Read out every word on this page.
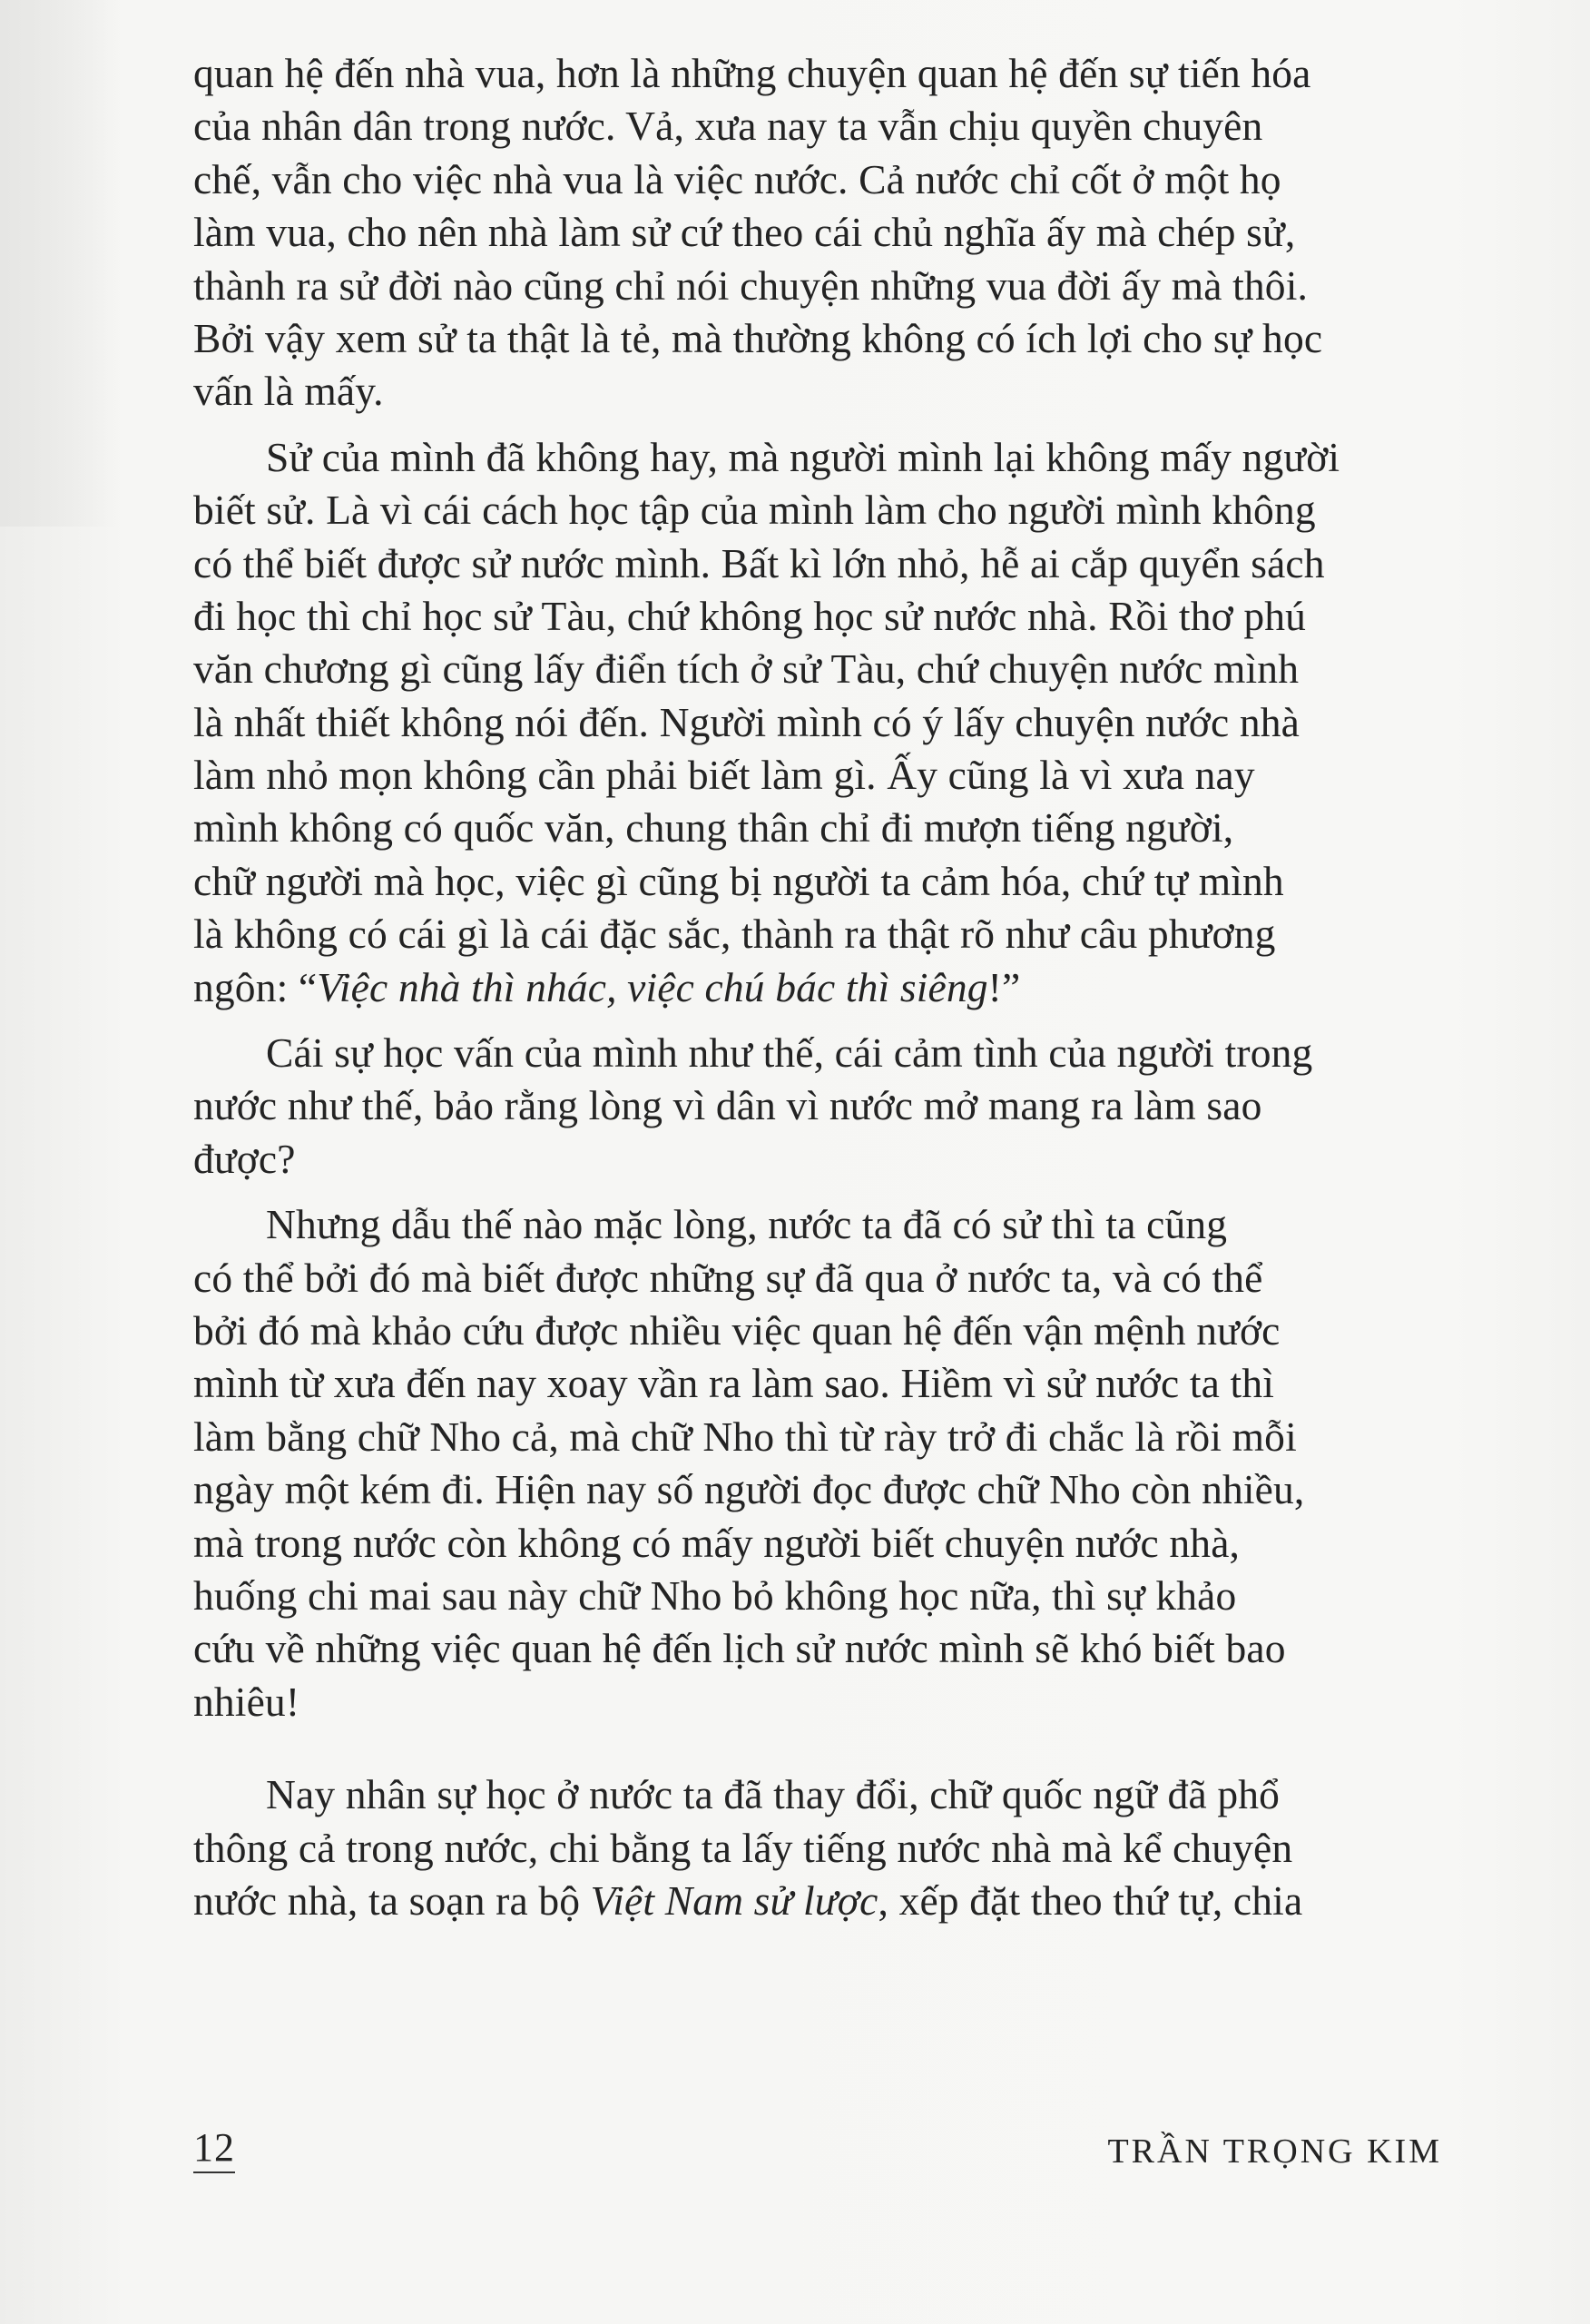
quan hệ đến nhà vua, hơn là những chuyện quan hệ đến sự tiến hóa
của nhân dân trong nước. Vả, xưa nay ta vẫn chịu quyền chuyên
chế, vẫn cho việc nhà vua là việc nước. Cả nước chỉ cốt ở một họ
làm vua, cho nên nhà làm sử cứ theo cái chủ nghĩa ấy mà chép sử,
thành ra sử đời nào cũng chỉ nói chuyện những vua đời ấy mà thôi.
Bởi vậy xem sử ta thật là tẻ, mà thường không có ích lợi cho sự học
vấn là mấy.
Sử của mình đã không hay, mà người mình lại không mấy người
biết sử. Là vì cái cách học tập của mình làm cho người mình không
có thể biết được sử nước mình. Bất kì lớn nhỏ, hễ ai cắp quyển sách
đi học thì chỉ học sử Tàu, chứ không học sử nước nhà. Rồi thơ phú
văn chương gì cũng lấy điển tích ở sử Tàu, chứ chuyện nước mình
là nhất thiết không nói đến. Người mình có ý lấy chuyện nước nhà
làm nhỏ mọn không cần phải biết làm gì. Ấy cũng là vì xưa nay
mình không có quốc văn, chung thân chỉ đi mượn tiếng người,
chữ người mà học, việc gì cũng bị người ta cảm hóa, chứ tự mình
là không có cái gì là cái đặc sắc, thành ra thật rõ như câu phương
ngôn: “Việc nhà thì nhác, việc chú bác thì siêng!”
Cái sự học vấn của mình như thế, cái cảm tình của người trong
nước như thế, bảo rằng lòng vì dân vì nước mở mang ra làm sao
được?
Nhưng dẫu thế nào mặc lòng, nước ta đã có sử thì ta cũng
có thể bởi đó mà biết được những sự đã qua ở nước ta, và có thể
bởi đó mà khảo cứu được nhiều việc quan hệ đến vận mệnh nước
mình từ xưa đến nay xoay vần ra làm sao. Hiềm vì sử nước ta thì
làm bằng chữ Nho cả, mà chữ Nho thì từ rày trở đi chắc là rồi mỗi
ngày một kém đi. Hiện nay số người đọc được chữ Nho còn nhiều,
mà trong nước còn không có mấy người biết chuyện nước nhà,
huống chi mai sau này chữ Nho bỏ không học nữa, thì sự khảo
cứu về những việc quan hệ đến lịch sử nước mình sẽ khó biết bao
nhiêu!
Nay nhân sự học ở nước ta đã thay đổi, chữ quốc ngữ đã phổ
thông cả trong nước, chi bằng ta lấy tiếng nước nhà mà kể chuyện
nước nhà, ta soạn ra bộ Việt Nam sử lược, xếp đặt theo thứ tự, chia
12	TRẦN TRỌNG KIM
